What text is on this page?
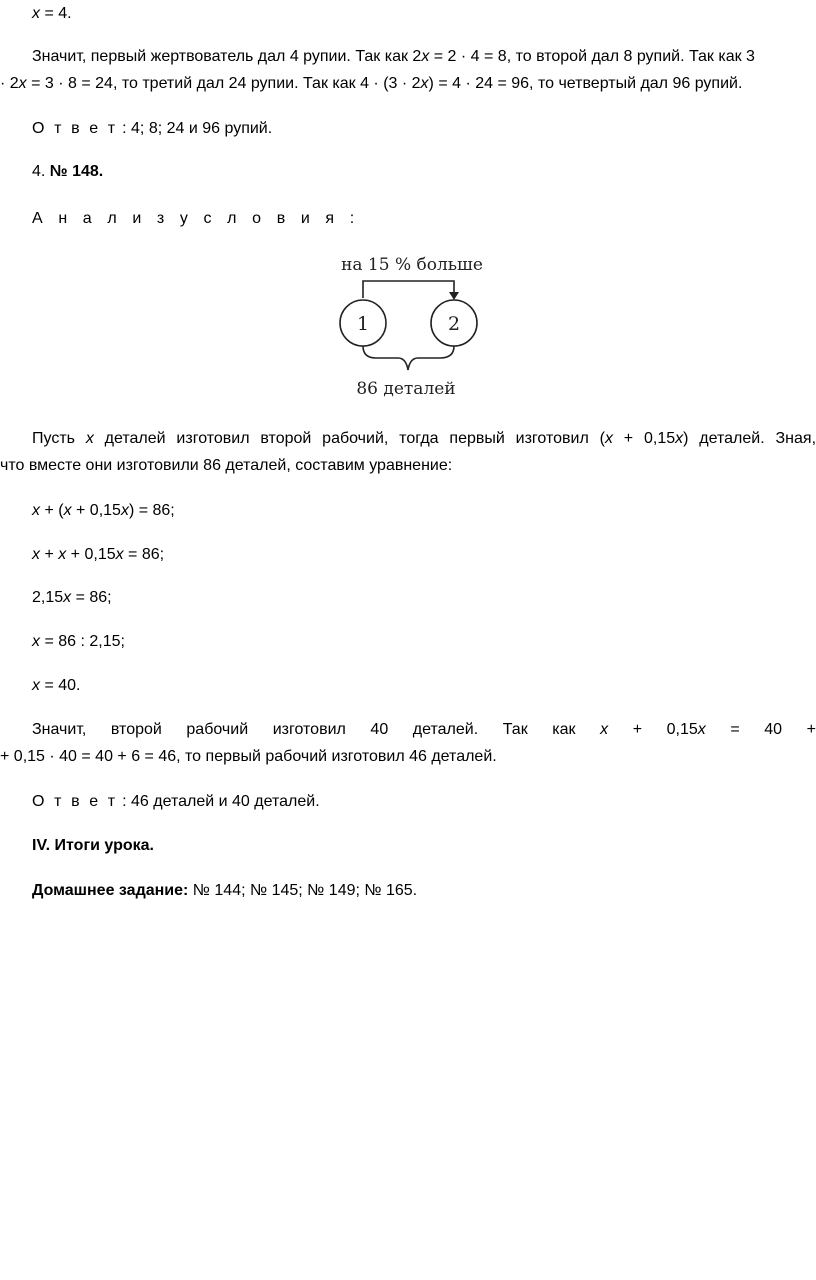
x = 4.

Значит, первый жертвователь дал 4 рупии. Так как 2x = 2 · 4 = 8, то второй дал 8 рупий. Так как 3

· 2x = 3 · 8 = 24, то третий дал 24 рупии. Так как 4 · (3 · 2x) = 4 · 24 = 96, то четвертый дал 96 рупий.

О т в е т : 4; 8; 24 и 96 рупий.

4. № 148.

А н а л и з у с л о в и я :

на 15 % больше
1	2
86 деталей

Пусть x деталей изготовил второй рабочий, тогда первый изготовил (x + 0,15x) деталей. Зная,

что вместе они изготовили 86 деталей, составим уравнение:

x + (x + 0,15x) = 86;

x + x + 0,15x = 86;

2,15x = 86;

x = 86 : 2,15;

x = 40.

Значит, второй рабочий изготовил 40 деталей. Так как x + 0,15x = 40 +

+ 0,15 · 40 = 40 + 6 = 46, то первый рабочий изготовил 46 деталей.

О т в е т : 46 деталей и 40 деталей.

IV. Итоги урока.

Домашнее задание: № 144; № 145; № 149; № 165.
